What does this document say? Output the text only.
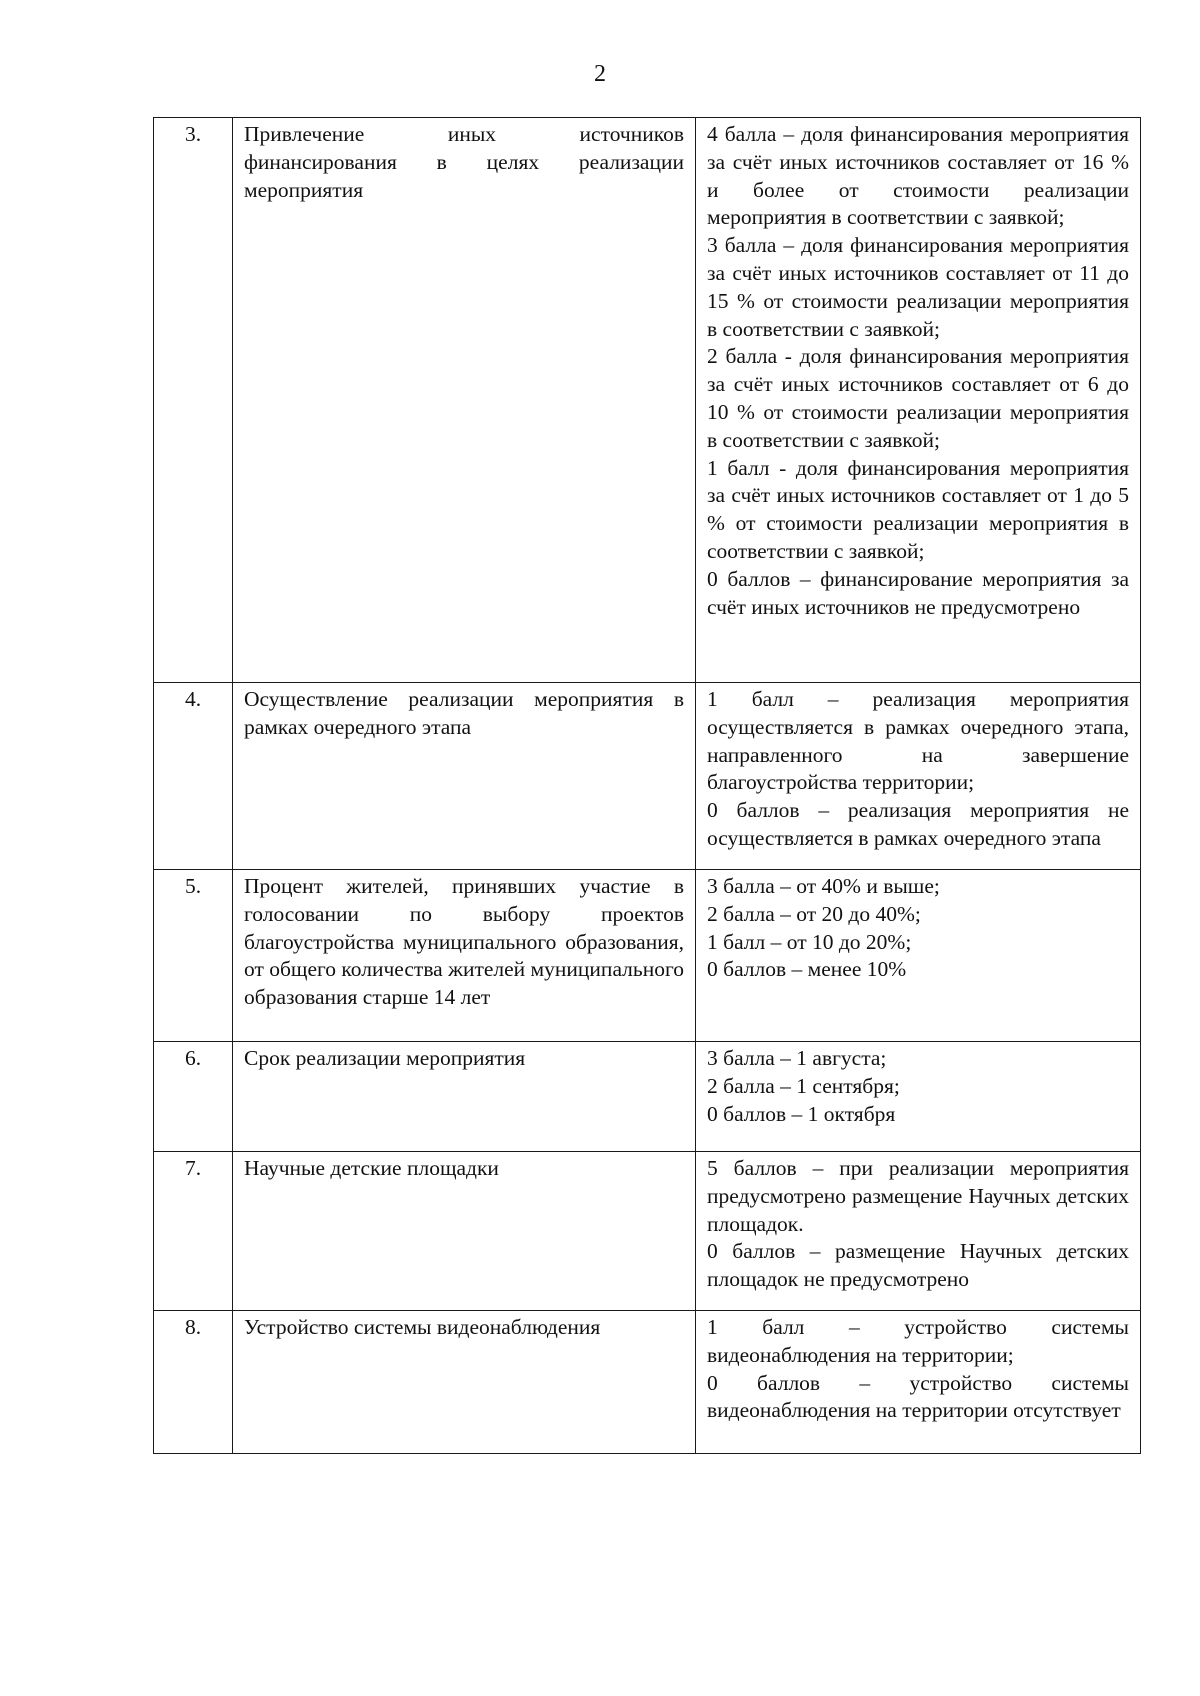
2
3.	Привлечение иных источников финансирования в целях реализации мероприятия	4 балла – доля финансирования мероприятия за счёт иных источников составляет от 16 % и более от стоимости реализации мероприятия в соответствии с заявкой;
3 балла – доля финансирования мероприятия за счёт иных источников составляет от 11 до 15 % от стоимости реализации мероприятия в соответствии с заявкой;
2 балла - доля финансирования мероприятия за счёт иных источников составляет от 6 до 10 % от стоимости реализации мероприятия в соответствии с заявкой;
1 балл - доля финансирования мероприятия за счёт иных источников составляет от 1 до 5 % от стоимости реализации мероприятия в соответствии с заявкой;
0 баллов – финансирование мероприятия за счёт иных источников не предусмотрено

4.	Осуществление реализации мероприятия в рамках очередного этапа	1 балл – реализация мероприятия осуществляется в рамках очередного этапа, направленного на завершение благоустройства территории;
0 баллов – реализация мероприятия не осуществляется в рамках очередного этапа

5.	Процент жителей, принявших участие в голосовании по выбору проектов благоустройства муниципального образования, от общего количества жителей муниципального образования старше 14 лет	3 балла – от 40% и выше;
2 балла – от 20 до 40%;
1 балл – от 10 до 20%;
0 баллов – менее 10%

6.	Срок реализации мероприятия	3 балла – 1 августа;
2 балла – 1 сентября;
0 баллов – 1 октября

7.	Научные детские площадки	5 баллов – при реализации мероприятия предусмотрено размещение Научных детских площадок.
0 баллов – размещение Научных детских площадок не предусмотрено

8.	Устройство системы видеонаблюдения	1 балл – устройство системы видеонаблюдения на территории;
0 баллов – устройство системы видеонаблюдения на территории отсутствует
